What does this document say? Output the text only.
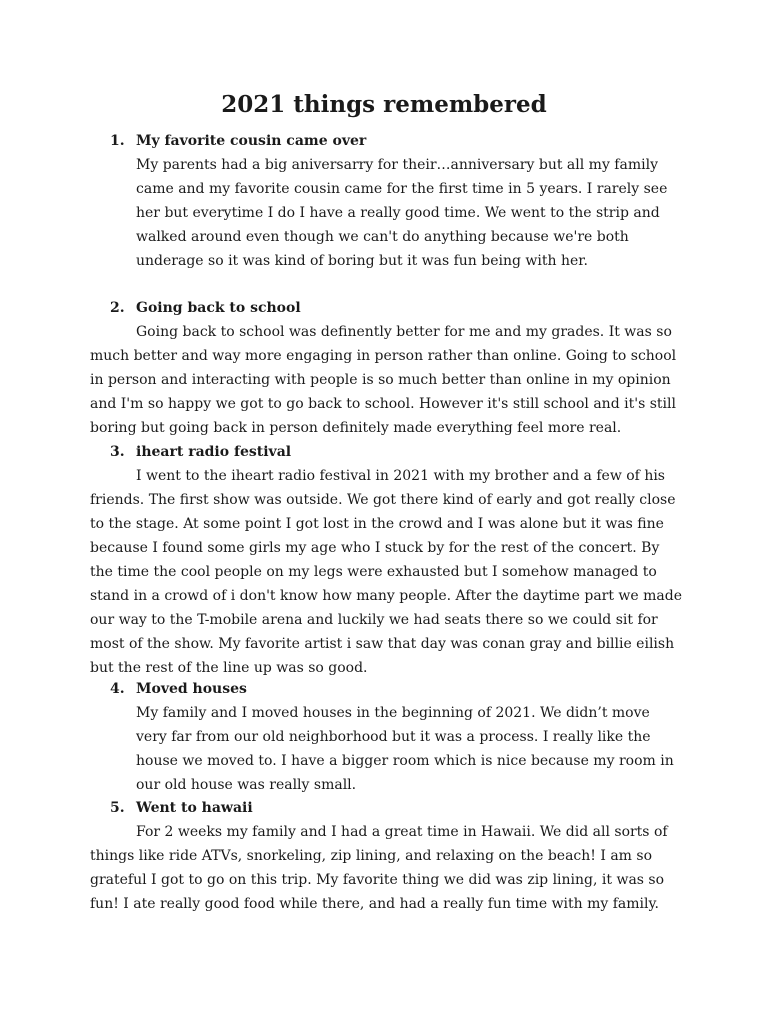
2021 things remembered
1. My favorite cousin came over

My parents had a big aniversarry for their…anniversary but all my family came and my favorite cousin came for the first time in 5 years. I rarely see her but everytime I do I have a really good time. We went to the strip and walked around even though we can't do anything because we're both underage so it was kind of boring but it was fun being with her.

2. Going back to school

Going back to school was definently better for me and my grades. It was so much better and way more engaging in person rather than online. Going to school in person and interacting with people is so much better than online in my opinion and I'm so happy we got to go back to school. However it's still school and it's still boring but going back in person definitely made everything feel more real.

3. iheart radio festival

I went to the iheart radio festival in 2021 with my brother and a few of his friends. The first show was outside. We got there kind of early and got really close to the stage. At some point I got lost in the crowd and I was alone but it was fine because I found some girls my age who I stuck by for the rest of the concert. By the time the cool people on my legs were exhausted but I somehow managed to stand in a crowd of i don't know how many people. After the daytime part we made our way to the T-mobile arena and luckily we had seats there so we could sit for most of the show. My favorite artist i saw that day was conan gray and billie eilish but the rest of the line up was so good.

4. Moved houses

My family and I moved houses in the beginning of 2021. We didn’t move very far from our old neighborhood but it was a process. I really like the house we moved to. I have a bigger room which is nice because my room in our old house was really small.

5. Went to hawaii

For 2 weeks my family and I had a great time in Hawaii. We did all sorts of things like ride ATVs, snorkeling, zip lining, and relaxing on the beach! I am so grateful I got to go on this trip. My favorite thing we did was zip lining, it was so fun! I ate really good food while there, and had a really fun time with my family.
